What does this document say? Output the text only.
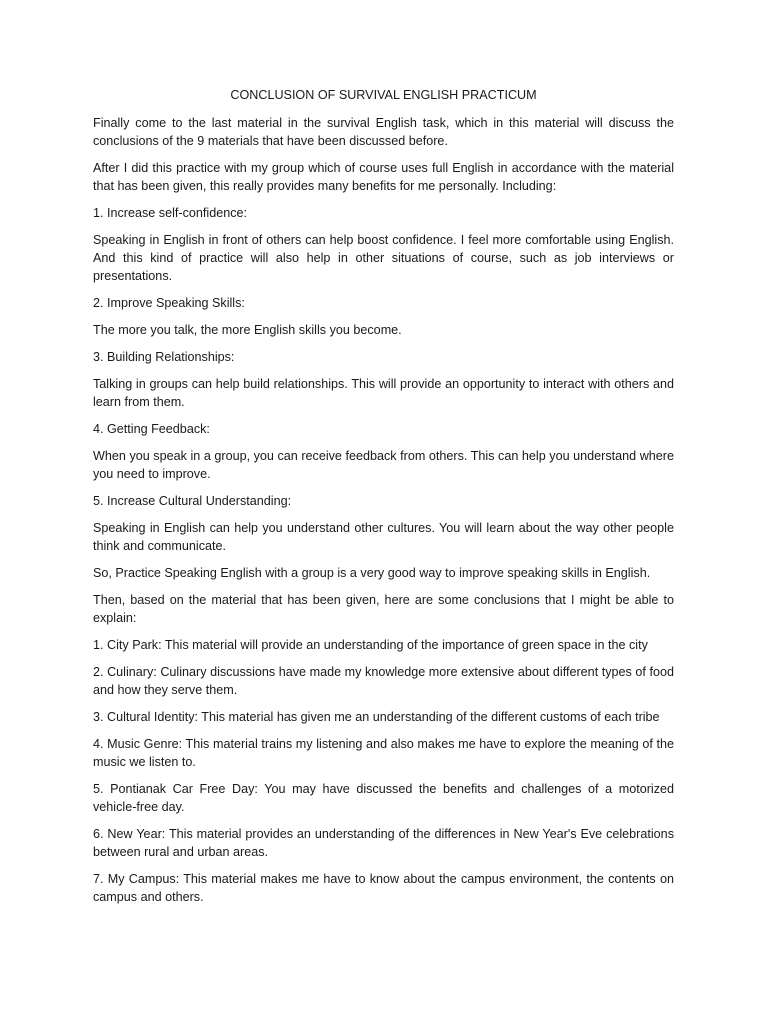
CONCLUSION OF SURVIVAL ENGLISH PRACTICUM

Finally come to the last material in the survival English task, which in this material will discuss the conclusions of the 9 materials that have been discussed before.

After I did this practice with my group which of course uses full English in accordance with the material that has been given, this really provides many benefits for me personally. Including:

1. Increase self-confidence:

Speaking in English in front of others can help boost confidence. I feel more comfortable using English. And this kind of practice will also help in other situations of course, such as job interviews or presentations.

2. Improve Speaking Skills:

The more you talk, the more English skills you become.

3. Building Relationships:

Talking in groups can help build relationships. This will provide an opportunity to interact with others and learn from them.

4. Getting Feedback:

When you speak in a group, you can receive feedback from others. This can help you understand where you need to improve.

5. Increase Cultural Understanding:

Speaking in English can help you understand other cultures. You will learn about the way other people think and communicate.

So, Practice Speaking English with a group is a very good way to improve speaking skills in English.

Then, based on the material that has been given, here are some conclusions that I might be able to explain:

1. City Park: This material will provide an understanding of the importance of green space in the city

2. Culinary: Culinary discussions have made my knowledge more extensive about different types of food and how they serve them.

3. Cultural Identity: This material has given me an understanding of the different customs of each tribe

4. Music Genre: This material trains my listening and also makes me have to explore the meaning of the music we listen to.

5. Pontianak Car Free Day: You may have discussed the benefits and challenges of a motorized vehicle-free day.

6. New Year: This material provides an understanding of the differences in New Year's Eve celebrations between rural and urban areas.

7. My Campus: This material makes me have to know about the campus environment, the contents on campus and others.
